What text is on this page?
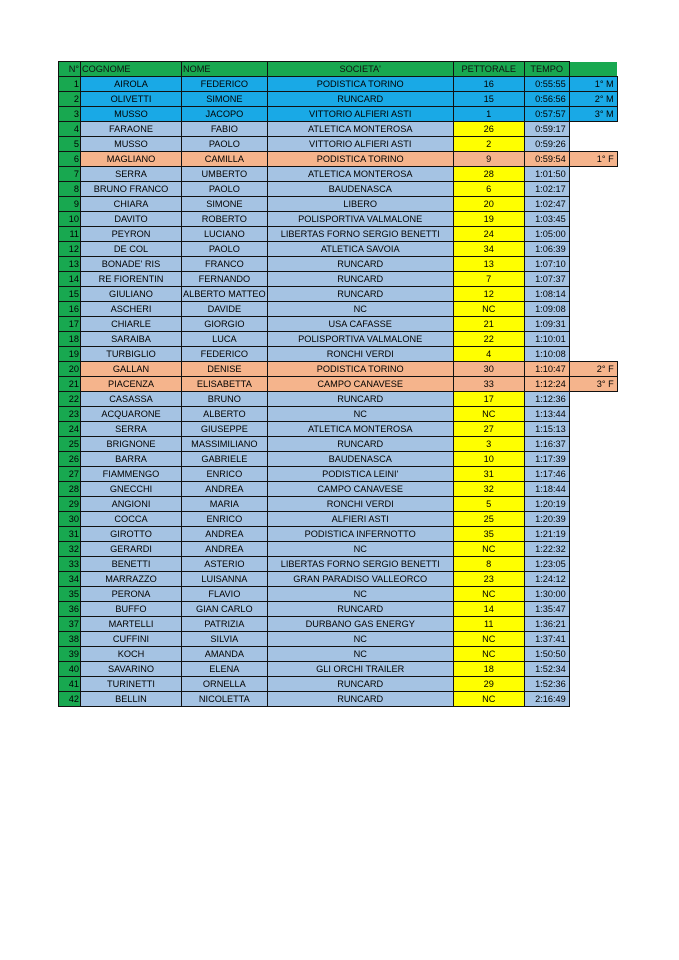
N°	COGNOME	NOME	SOCIETA'	PETTORALE	TEMPO	
1	AIROLA	FEDERICO	PODISTICA TORINO	16	0:55:55	1° M
2	OLIVETTI	SIMONE	RUNCARD	15	0:56:56	2° M
3	MUSSO	JACOPO	VITTORIO ALFIERI ASTI	1	0:57:57	3° M
4	FARAONE	FABIO	ATLETICA MONTEROSA	26	0:59:17	
5	MUSSO	PAOLO	VITTORIO ALFIERI ASTI	2	0:59:26	
6	MAGLIANO	CAMILLA	PODISTICA TORINO	9	0:59:54	1° F
7	SERRA	UMBERTO	ATLETICA MONTEROSA	28	1:01:50	
8	BRUNO FRANCO	PAOLO	BAUDENASCA	6	1:02:17	
9	CHIARA	SIMONE	LIBERO	20	1:02:47	
10	DAVITO	ROBERTO	POLISPORTIVA VALMALONE	19	1:03:45	
11	PEYRON	LUCIANO	LIBERTAS FORNO SERGIO BENETTI	24	1:05:00	
12	DE COL	PAOLO	ATLETICA SAVOIA	34	1:06:39	
13	BONADE' RIS	FRANCO	RUNCARD	13	1:07:10	
14	RE FIORENTIN	FERNANDO	RUNCARD	7	1:07:37	
15	GIULIANO	ALBERTO MATTEO	RUNCARD	12	1:08:14	
16	ASCHERI	DAVIDE	NC	NC	1:09:08	
17	CHIARLE	GIORGIO	USA CAFASSE	21	1:09:31	
18	SARAIBA	LUCA	POLISPORTIVA VALMALONE	22	1:10:01	
19	TURBIGLIO	FEDERICO	RONCHI VERDI	4	1:10:08	
20	GALLAN	DENISE	PODISTICA TORINO	30	1:10:47	2° F
21	PIACENZA	ELISABETTA	CAMPO CANAVESE	33	1:12:24	3° F
22	CASASSA	BRUNO	RUNCARD	17	1:12:36	
23	ACQUARONE	ALBERTO	NC	NC	1:13:44	
24	SERRA	GIUSEPPE	ATLETICA MONTEROSA	27	1:15:13	
25	BRIGNONE	MASSIMILIANO	RUNCARD	3	1:16:37	
26	BARRA	GABRIELE	BAUDENASCA	10	1:17:39	
27	FIAMMENGO	ENRICO	PODISTICA LEINI'	31	1:17:46	
28	GNECCHI	ANDREA	CAMPO CANAVESE	32	1:18:44	
29	ANGIONI	MARIA	RONCHI VERDI	5	1:20:19	
30	COCCA	ENRICO	ALFIERI ASTI	25	1:20:39	
31	GIROTTO	ANDREA	PODISTICA INFERNOTTO	35	1:21:19	
32	GERARDI	ANDREA	NC	NC	1:22:32	
33	BENETTI	ASTERIO	LIBERTAS FORNO SERGIO BENETTI	8	1:23:05	
34	MARRAZZO	LUISANNA	GRAN PARADISO VALLEORCO	23	1:24:12	
35	PERONA	FLAVIO	NC	NC	1:30:00	
36	BUFFO	GIAN CARLO	RUNCARD	14	1:35:47	
37	MARTELLI	PATRIZIA	DURBANO GAS ENERGY	11	1:36:21	
38	CUFFINI	SILVIA	NC	NC	1:37:41	
39	KOCH	AMANDA	NC	NC	1:50:50	
40	SAVARINO	ELENA	GLI ORCHI TRAILER	18	1:52:34	
41	TURINETTI	ORNELLA	RUNCARD	29	1:52:36	
42	BELLIN	NICOLETTA	RUNCARD	NC	2:16:49	
